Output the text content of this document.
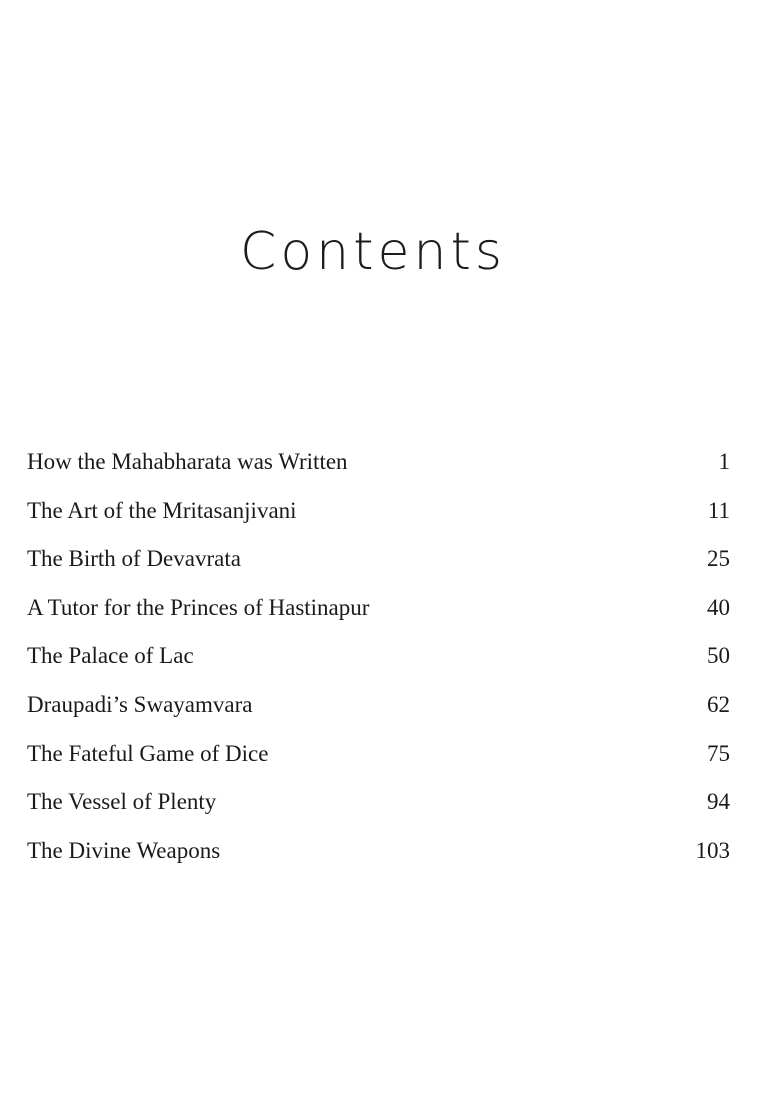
Contents
How the Mahabharata was Written	1
The Art of the Mritasanjivani	11
The Birth of Devavrata	25
A Tutor for the Princes of Hastinapur	40
The Palace of Lac	50
Draupadi’s Swayamvara	62
The Fateful Game of Dice	75
The Vessel of Plenty	94
The Divine Weapons	103
